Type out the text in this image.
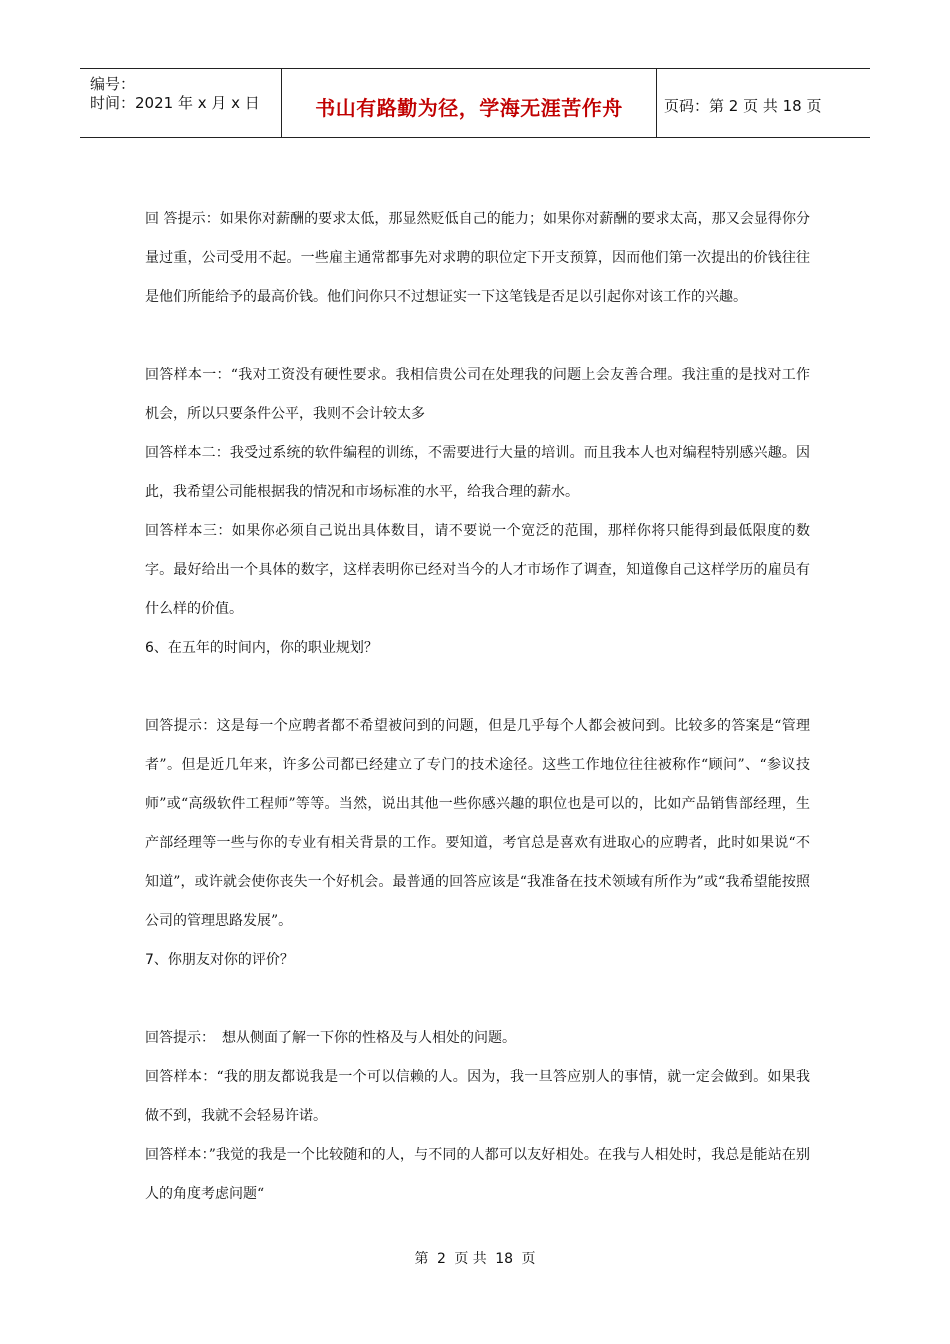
编号：
时间：2021 年 x 月 x 日	书山有路勤为径，学海无涯苦作舟	页码：第 2 页 共 18 页

回 答提示：如果你对薪酬的要求太低，那显然贬低自己的能力；如果你对薪酬的要求太高，那又会显得你分量过重，公司受用不起。一些雇主通常都事先对求聘的职位定下开支预算，因而他们第一次提出的价钱往往是他们所能给予的最高价钱。他们问你只不过想证实一下这笔钱是否足以引起你对该工作的兴趣。

回答样本一：“我对工资没有硬性要求。我相信贵公司在处理我的问题上会友善合理。我注重的是找对工作机会，所以只要条件公平，我则不会计较太多

回答样本二：我受过系统的软件编程的训练，不需要进行大量的培训。而且我本人也对编程特别感兴趣。因此，我希望公司能根据我的情况和市场标准的水平，给我合理的薪水。

回答样本三：如果你必须自己说出具体数目，请不要说一个宽泛的范围，那样你将只能得到最低限度的数字。最好给出一个具体的数字，这样表明你已经对当今的人才市场作了调查，知道像自己这样学历的雇员有什么样的价值。

6、在五年的时间内，你的职业规划？

回答提示：这是每一个应聘者都不希望被问到的问题，但是几乎每个人都会被问到。比较多的答案是“管理者”。但是近几年来，许多公司都已经建立了专门的技术途径。这些工作地位往往被称作“顾问”、“参议技师”或“高级软件工程师”等等。当然，说出其他一些你感兴趣的职位也是可以的，比如产品销售部经理，生产部经理等一些与你的专业有相关背景的工作。要知道，考官总是喜欢有进取心的应聘者，此时如果说“不知道”，或许就会使你丧失一个好机会。最普通的回答应该是“我准备在技术领域有所作为”或“我希望能按照公司的管理思路发展”。

7、你朋友对你的评价？

回答提示：　想从侧面了解一下你的性格及与人相处的问题。

回答样本：“我的朋友都说我是一个可以信赖的人。因为，我一旦答应别人的事情，就一定会做到。如果我做不到，我就不会轻易许诺。

回答样本：”我觉的我是一个比较随和的人，与不同的人都可以友好相处。在我与人相处时，我总是能站在别人的角度考虑问题“

第 2 页 共 18 页
